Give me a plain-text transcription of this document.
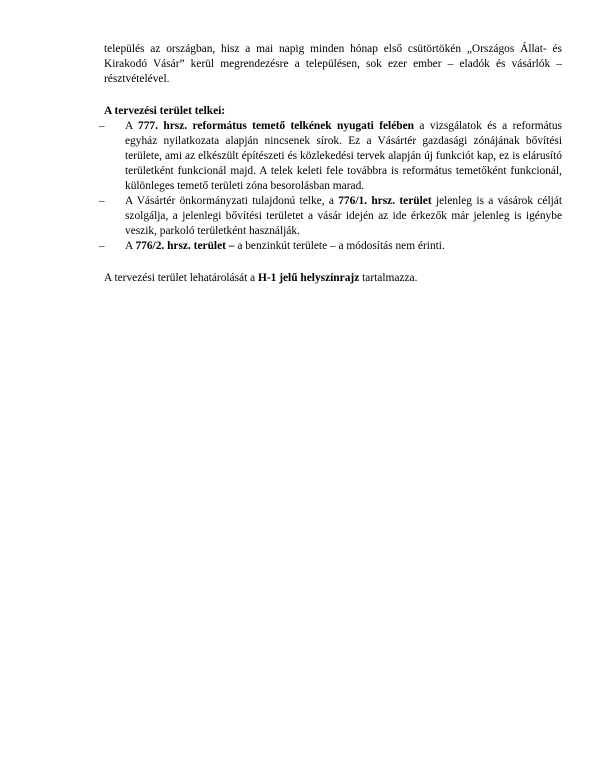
település az országban, hisz a mai napig minden hónap első csütörtökén „Országos Állat- és Kirakodó Vásár” kerül megrendezésre a településen, sok ezer ember – eladók és vásárlók – résztvételével.

A tervezési terület telkei:

–	A 777. hrsz. református temető telkének nyugati felében a vizsgálatok és a református egyház nyilatkozata alapján nincsenek sírok. Ez a Vásártér gazdasági zónájának bővítési területe, ami az elkészült építészeti és közlekedési tervek alapján új funkciót kap, ez is elárusító területként funkcionál majd. A telek keleti fele továbbra is református temetőként funkcionál, különleges temető területi zóna besorolásban marad.
–	A Vásártér önkormányzati tulajdonú telke, a 776/1. hrsz. terület jelenleg is a vásárok célját szolgálja, a jelenlegi bővítési területet a vásár idején az ide érkezők már jelenleg is igénybe veszik, parkoló területként használják.
–	A 776/2. hrsz. terület – a benzinkút területe – a módosítás nem érinti.

A tervezési terület lehatárolását a H-1 jelű helyszínrajz tartalmazza.
